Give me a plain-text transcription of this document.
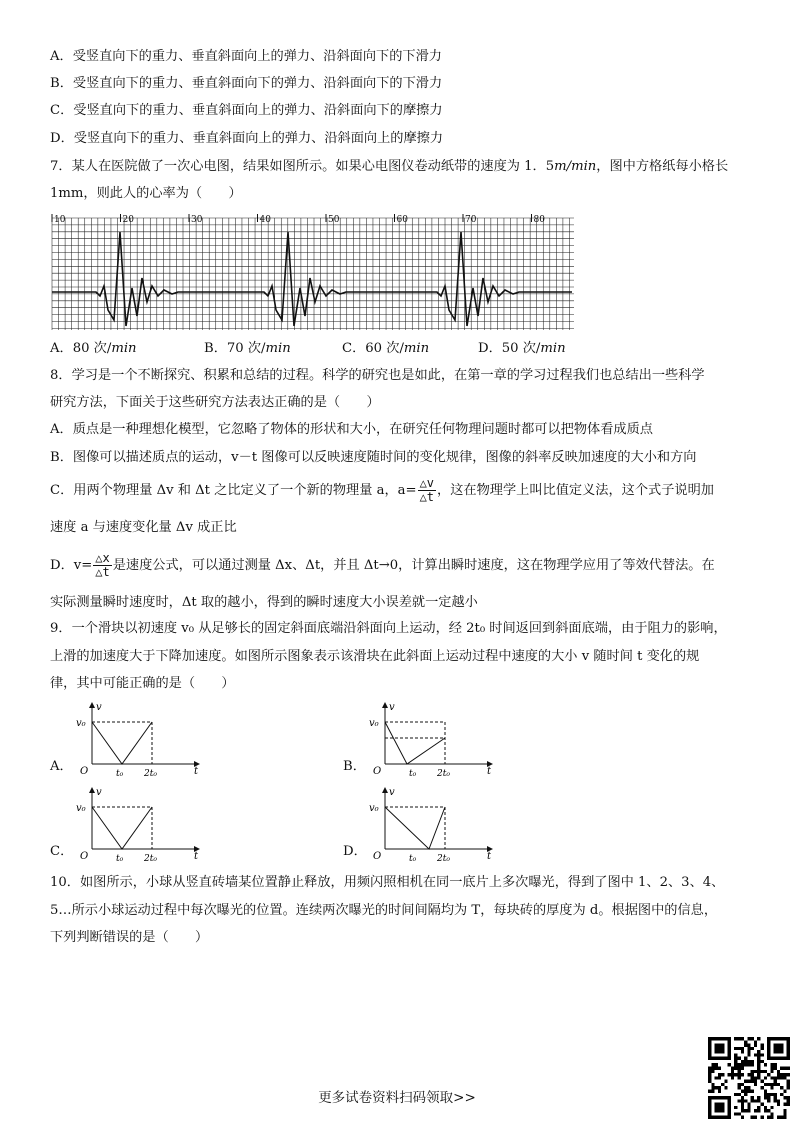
A．受竖直向下的重力、垂直斜面向上的弹力、沿斜面向下的下滑力
B．受竖直向下的重力、垂直斜面向下的弹力、沿斜面向下的下滑力
C．受竖直向下的重力、垂直斜面向上的弹力、沿斜面向下的摩擦力
D．受竖直向下的重力、垂直斜面向上的弹力、沿斜面向上的摩擦力
7．某人在医院做了一次心电图，结果如图所示。如果心电图仪卷动纸带的速度为 1．5m/min，图中方格纸每小格长
1mm，则此人的心率为（　　）
10	20	30	40	50	60	70	80
A．80 次/min	B．70 次/min	C．60 次/min	D．50 次/min
8．学习是一个不断探究、积累和总结的过程。科学的研究也是如此，在第一章的学习过程我们也总结出一些科学
研究方法，下面关于这些研究方法表达正确的是（　　）
A．质点是一种理想化模型，它忽略了物体的形状和大小，在研究任何物理问题时都可以把物体看成质点
B．图像可以描述质点的运动，v－t 图像可以反映速度随时间的变化规律，图像的斜率反映加速度的大小和方向
C．用两个物理量 Δv 和 Δt 之比定义了一个新的物理量 a，$a= \frac{\triangle v}{\triangle t}$ ，这在物理学上叫比值定义法，这个式子说明加
速度 a 与速度变化量 Δv 成正比
D．$v= \frac{\triangle x}{\triangle t}$ 是速度公式，可以通过测量 Δx、Δt，并且 Δt→0，计算出瞬时速度，这在物理学应用了等效代替法。在
实际测量瞬时速度时，Δt 取的越小，得到的瞬时速度大小误差就一定越小
9．一个滑块以初速度 v₀ 从足够长的固定斜面底端沿斜面向上运动，经 2t₀ 时间返回到斜面底端，由于阻力的影响，
上滑的加速度大于下降加速度。如图所示图象表示该滑块在此斜面上运动过程中速度的大小 v 随时间 t 变化的规
律，其中可能正确的是（　　）
A．
v
v₀
O	t₀ 2t₀	t	B．
v
v₀
O	t₀ 2t₀	t
C．
v
v₀
O	t₀ 2t₀	t	D．
v
v₀
O	t₀ 2t₀	t
10．如图所示，小球从竖直砖墙某位置静止释放，用频闪照相机在同一底片上多次曝光，得到了图中 1、2、3、4、
5…所示小球运动过程中每次曝光的位置。连续两次曝光的时间间隔均为 T，每块砖的厚度为 d。根据图中的信息，
下列判断错误的是（　　）
更多试卷资料扫码领取>>
